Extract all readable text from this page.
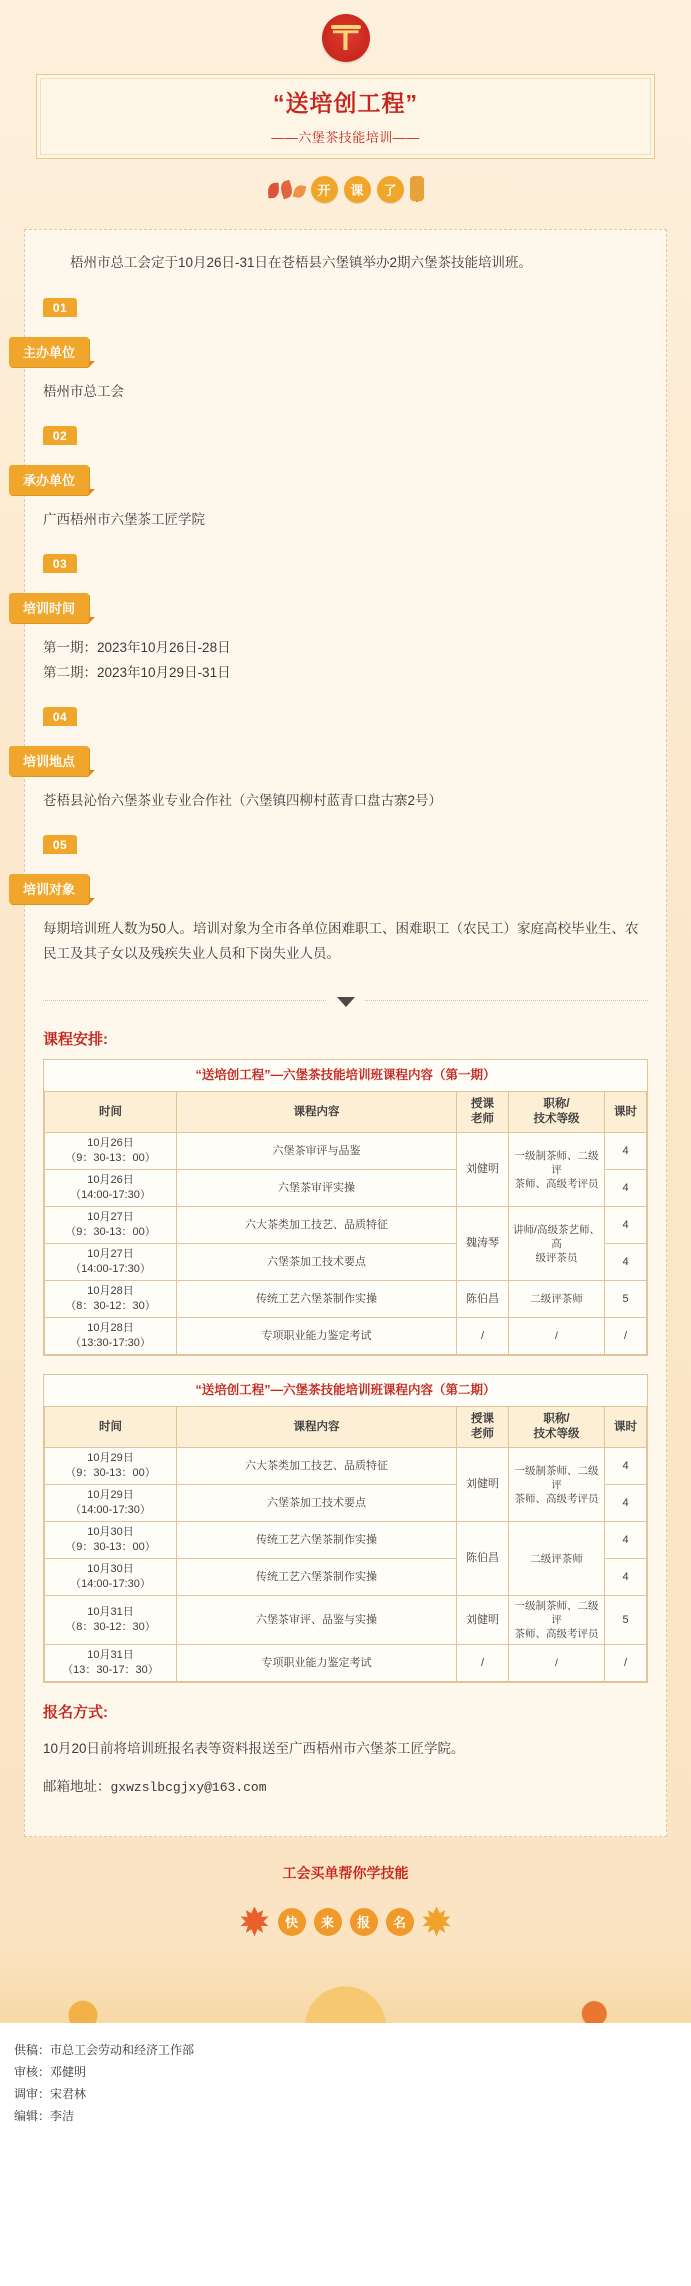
“送培创工程”
——六堡茶技能培训——
开	课	了

梧州市总工会定于10月26日-31日在苍梧县六堡镇举办2期六堡茶技能培训班。

01
主办单位

梧州市总工会

02
承办单位

广西梧州市六堡茶工匠学院

03
培训时间

第一期：2023年10月26日-28日

第二期：2023年10月29日-31日

04
培训地点

苍梧县沁怡六堡茶业专业合作社（六堡镇四柳村蓝青口盘古寨2号）

05
培训对象

每期培训班人数为50人。培训对象为全市各单位困难职工、困难职工（农民工）家庭高校毕业生、农民工及其子女以及残疾失业人员和下岗失业人员。

课程安排:
“送培创工程”—六堡茶技能培训班课程内容（第一期）
时间	课程内容	授课
老师	职称/
技术等级	课时
10月26日
（9：30-13：00）	六堡茶审评与品鉴	刘健明	一级制茶师、二级评
茶师、高级考评员	4
10月26日
（14:00-17:30）	六堡茶审评实操			4
10月27日
（9：30-13：00）	六大茶类加工技艺、品质特征	魏涛琴	讲师/高级茶艺师、高
级评茶员	4
10月27日
（14:00-17:30）	六堡茶加工技术要点			4
10月28日
（8：30-12：30）	传统工艺六堡茶制作实操	陈伯昌	二级评茶师	5
10月28日
（13:30-17:30）	专项职业能力鉴定考试	/	/	/
“送培创工程”—六堡茶技能培训班课程内容（第二期）
时间	课程内容	授课
老师	职称/
技术等级	课时
10月29日
（9：30-13：00）	六大茶类加工技艺、品质特征	刘健明	一级制茶师、二级评
茶师、高级考评员	4
10月29日
（14:00-17:30）	六堡茶加工技术要点			4
10月30日
（9：30-13：00）	传统工艺六堡茶制作实操	陈伯昌	二级评茶师	4
10月30日
（14:00-17:30）	传统工艺六堡茶制作实操			4
10月31日
（8：30-12：30）	六堡茶审评、品鉴与实操	刘健明	一级制茶师、二级评
茶师、高级考评员	5
10月31日
（13：30-17：30）	专项职业能力鉴定考试	/	/	/
报名方式:

10月20日前将培训班报名表等资料报送至广西梧州市六堡茶工匠学院。

邮箱地址：gxwzslbcgjxy@163.com

工会买单帮你学技能
快	来	报	名
供稿：市总工会劳动和经济工作部
审核：邓健明
调审：宋君林
编辑：李洁
